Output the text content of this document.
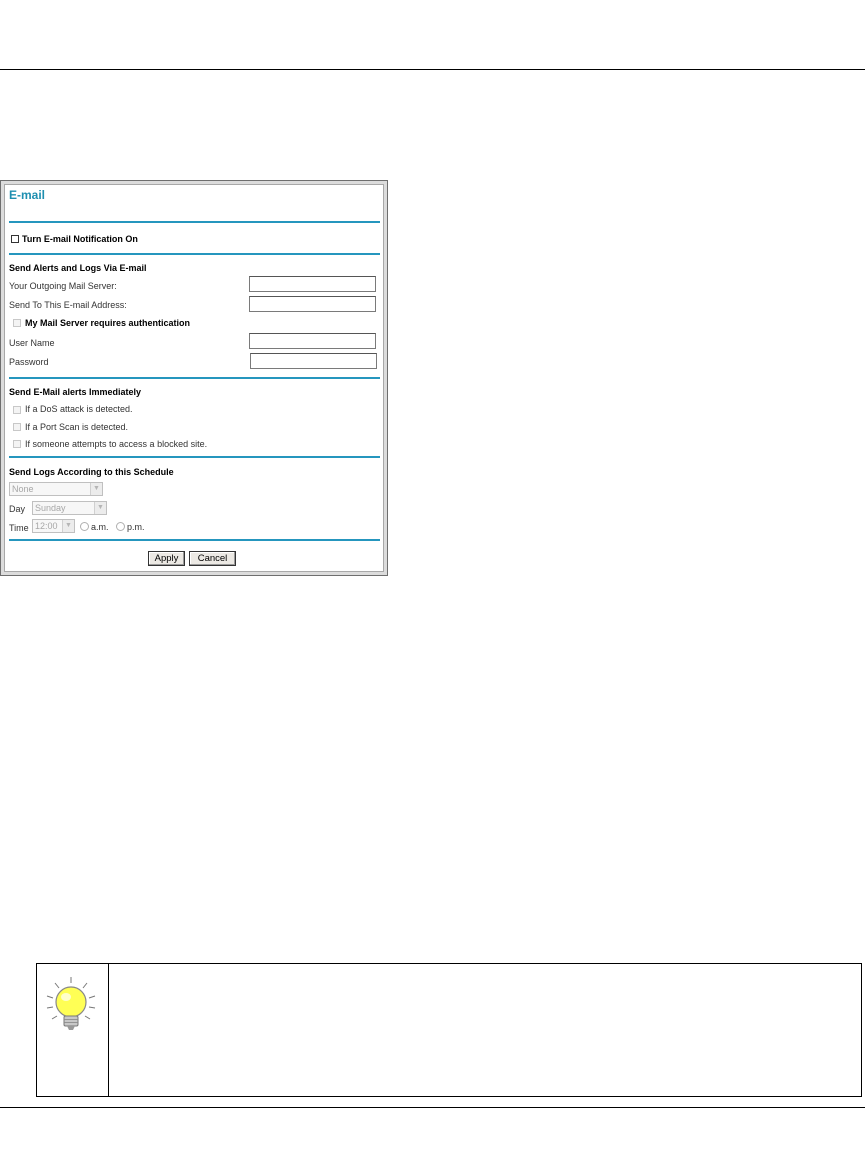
E-mail
Turn E-mail Notification On
Send Alerts and Logs Via E-mail
Your Outgoing Mail Server:
Send To This E-mail Address:
My Mail Server requires authentication
User Name
Password
Send E-Mail alerts Immediately
If a DoS attack is detected.
If a Port Scan is detected.
If someone attempts to access a blocked site.
Send Logs According to this Schedule
None	▼
Day	Sunday	▼
Time 12:00	▼ a.m. p.m.
Apply	Cancel
